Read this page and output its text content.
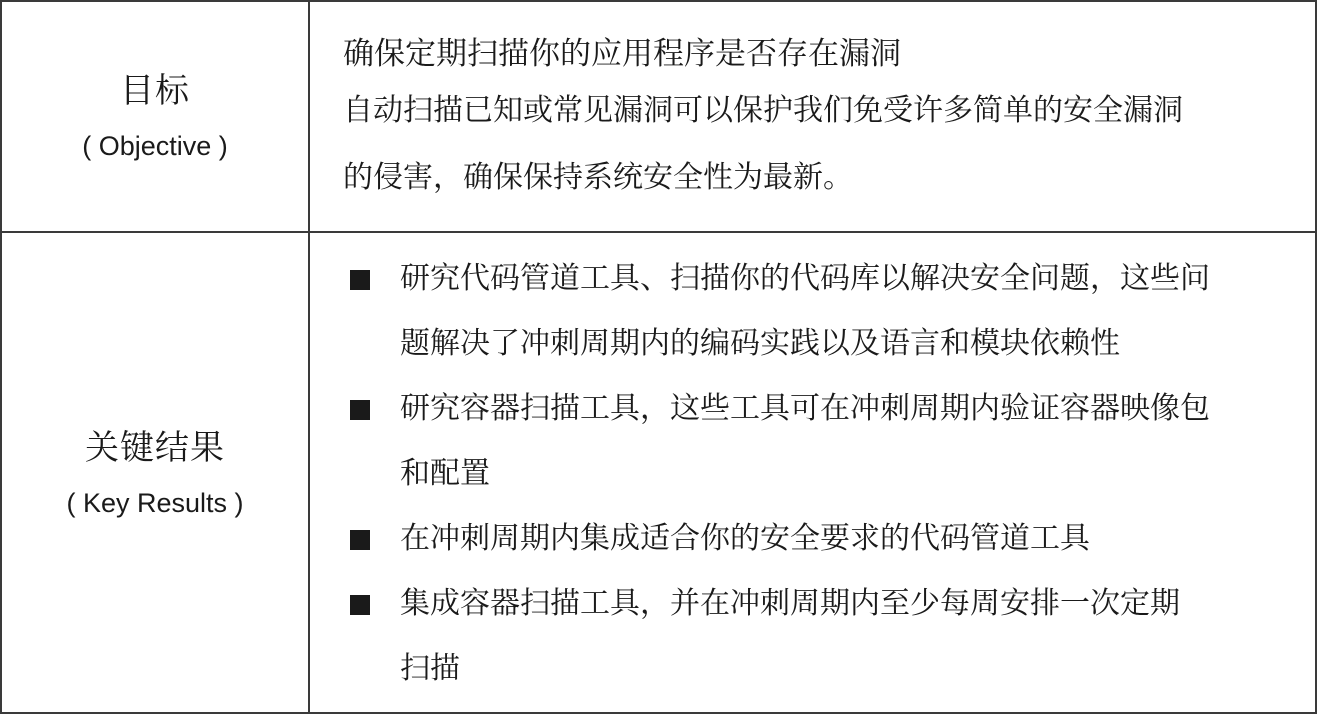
目标
( Objective )
确保定期扫描你的应用程序是否存在漏洞
自动扫描已知或常见漏洞可以保护我们免受许多简单的安全漏洞
的侵害，确保保持系统安全性为最新。
关键结果
( Key Results )
研究代码管道工具、扫描你的代码库以解决安全问题，这些问
题解决了冲刺周期内的编码实践以及语言和模块依赖性
研究容器扫描工具，这些工具可在冲刺周期内验证容器映像包
和配置
在冲刺周期内集成适合你的安全要求的代码管道工具
集成容器扫描工具，并在冲刺周期内至少每周安排一次定期
扫描
